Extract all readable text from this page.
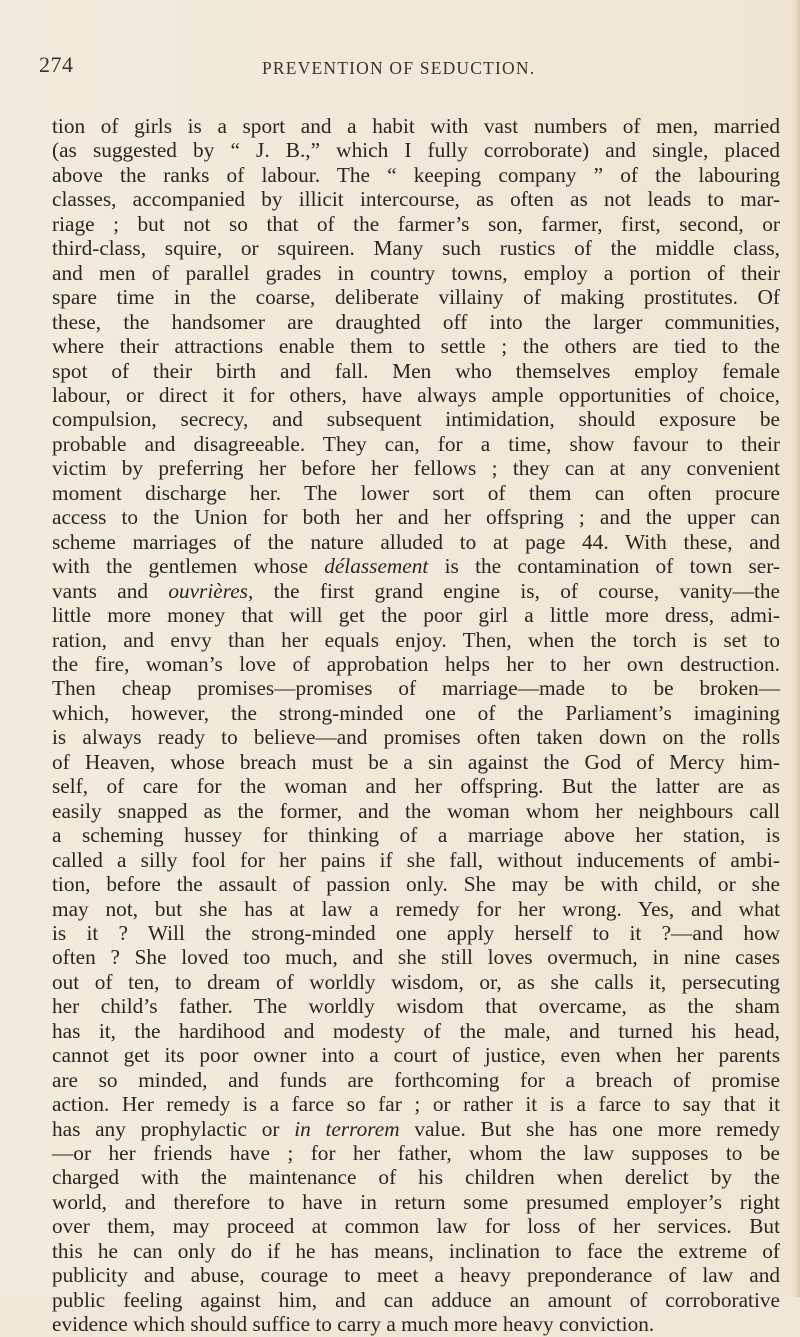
274	PREVENTION OF SEDUCTION.
tion of girls is a sport and a habit with vast numbers of men, married
(as suggested by “ J. B.,” which I fully corroborate) and single, placed
above the ranks of labour. The “ keeping company ” of the labouring
classes, accompanied by illicit intercourse, as often as not leads to mar-
riage ; but not so that of the farmer’s son, farmer, first, second, or
third-class, squire, or squireen. Many such rustics of the middle class,
and men of parallel grades in country towns, employ a portion of their
spare time in the coarse, deliberate villainy of making prostitutes. Of
these, the handsomer are draughted off into the larger communities,
where their attractions enable them to settle ; the others are tied to the
spot of their birth and fall. Men who themselves employ female
labour, or direct it for others, have always ample opportunities of choice,
compulsion, secrecy, and subsequent intimidation, should exposure be
probable and disagreeable. They can, for a time, show favour to their
victim by preferring her before her fellows ; they can at any convenient
moment discharge her. The lower sort of them can often procure
access to the Union for both her and her offspring ; and the upper can
scheme marriages of the nature alluded to at page 44. With these, and
with the gentlemen whose délassement is the contamination of town ser-
vants and ouvrières, the first grand engine is, of course, vanity—the
little more money that will get the poor girl a little more dress, admi-
ration, and envy than her equals enjoy. Then, when the torch is set to
the fire, woman’s love of approbation helps her to her own destruction.
Then cheap promises—promises of marriage—made to be broken—
which, however, the strong-minded one of the Parliament’s imagining
is always ready to believe—and promises often taken down on the rolls
of Heaven, whose breach must be a sin against the God of Mercy him-
self, of care for the woman and her offspring. But the latter are as
easily snapped as the former, and the woman whom her neighbours call
a scheming hussey for thinking of a marriage above her station, is
called a silly fool for her pains if she fall, without inducements of ambi-
tion, before the assault of passion only. She may be with child, or she
may not, but she has at law a remedy for her wrong. Yes, and what
is it ? Will the strong-minded one apply herself to it ?—and how
often ? She loved too much, and she still loves overmuch, in nine cases
out of ten, to dream of worldly wisdom, or, as she calls it, persecuting
her child’s father. The worldly wisdom that overcame, as the sham
has it, the hardihood and modesty of the male, and turned his head,
cannot get its poor owner into a court of justice, even when her parents
are so minded, and funds are forthcoming for a breach of promise
action. Her remedy is a farce so far ; or rather it is a farce to say that it
has any prophylactic or in terrorem value. But she has one more remedy
—or her friends have ; for her father, whom the law supposes to be
charged with the maintenance of his children when derelict by the
world, and therefore to have in return some presumed employer’s right
over them, may proceed at common law for loss of her services. But
this he can only do if he has means, inclination to face the extreme of
publicity and abuse, courage to meet a heavy preponderance of law and
public feeling against him, and can adduce an amount of corroborative
evidence which should suffice to carry a much more heavy conviction.
